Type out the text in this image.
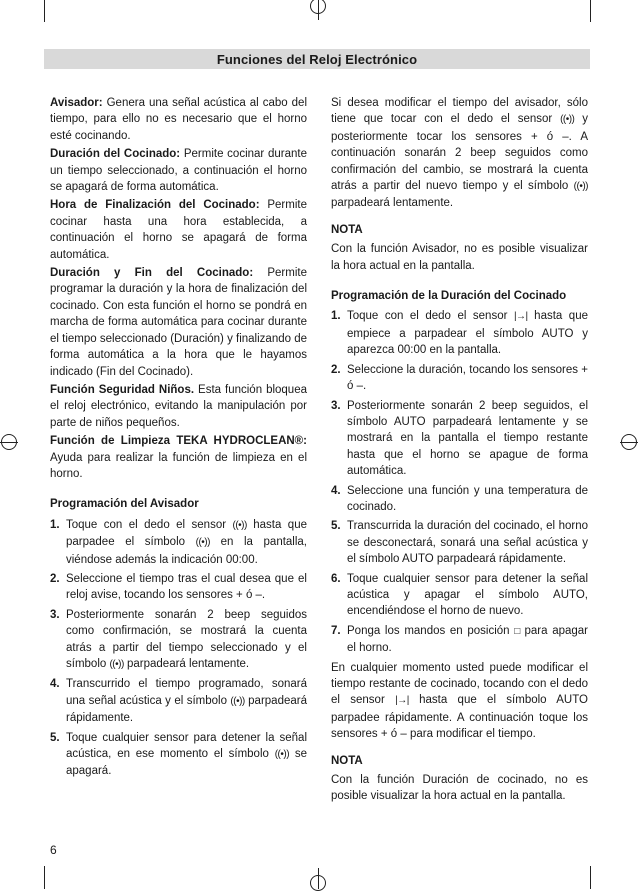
Funciones del Reloj Electrónico

Avisador: Genera una señal acústica al cabo del tiempo, para ello no es necesario que el horno esté cocinando.

Duración del Cocinado: Permite cocinar durante un tiempo seleccionado, a continuación el horno se apagará de forma automática.

Hora de Finalización del Cocinado: Permite cocinar hasta una hora establecida, a continuación el horno se apagará de forma automática.

Duración y Fin del Cocinado: Permite programar la duración y la hora de finalización del cocinado. Con esta función el horno se pondrá en marcha de forma automática para cocinar durante el tiempo seleccionado (Duración) y finalizando de forma automática a la hora que le hayamos indicado (Fin del Cocinado).

Función Seguridad Niños. Esta función bloquea el reloj electrónico, evitando la manipulación por parte de niños pequeños.

Función de Limpieza TEKA HYDROCLEAN®: Ayuda para realizar la función de limpieza en el horno.

Programación del Avisador
1. Toque con el dedo el sensor ((•)) hasta que parpadee el símbolo ((•)) en la pantalla, viéndose además la indicación 00:00.
2. Seleccione el tiempo tras el cual desea que el reloj avise, tocando los sensores + ó –.
3. Posteriormente sonarán 2 beep seguidos como confirmación, se mostrará la cuenta atrás a partir del tiempo seleccionado y el símbolo ((•)) parpadeará lentamente.
4. Transcurrido el tiempo programado, sonará una señal acústica y el símbolo ((•)) parpadeará rápidamente.
5. Toque cualquier sensor para detener la señal acústica, en ese momento el símbolo ((•)) se apagará.

Si desea modificar el tiempo del avisador, sólo tiene que tocar con el dedo el sensor ((•)) y posteriormente tocar los sensores + ó –. A continuación sonarán 2 beep seguidos como confirmación del cambio, se mostrará la cuenta atrás a partir del nuevo tiempo y el símbolo ((•)) parpadeará lentamente.

NOTA

Con la función Avisador, no es posible visualizar la hora actual en la pantalla.

Programación de la Duración del Cocinado
1. Toque con el dedo el sensor |→| hasta que empiece a parpadear el símbolo AUTO y aparezca 00:00 en la pantalla.
2. Seleccione la duración, tocando los sensores + ó –.
3. Posteriormente sonarán 2 beep seguidos, el símbolo AUTO parpadeará lentamente y se mostrará en la pantalla el tiempo restante hasta que el horno se apague de forma automática.
4. Seleccione una función y una temperatura de cocinado.
5. Transcurrida la duración del cocinado, el horno se desconectará, sonará una señal acústica y el símbolo AUTO parpadeará rápidamente.
6. Toque cualquier sensor para detener la señal acústica y apagar el símbolo AUTO, encendiéndose el horno de nuevo.
7. Ponga los mandos en posición □ para apagar el horno.

En cualquier momento usted puede modificar el tiempo restante de cocinado, tocando con el dedo el sensor |→| hasta que el símbolo AUTO parpadee rápidamente. A continuación toque los sensores + ó – para modificar el tiempo.

NOTA

Con la función Duración de cocinado, no es posible visualizar la hora actual en la pantalla.

6
